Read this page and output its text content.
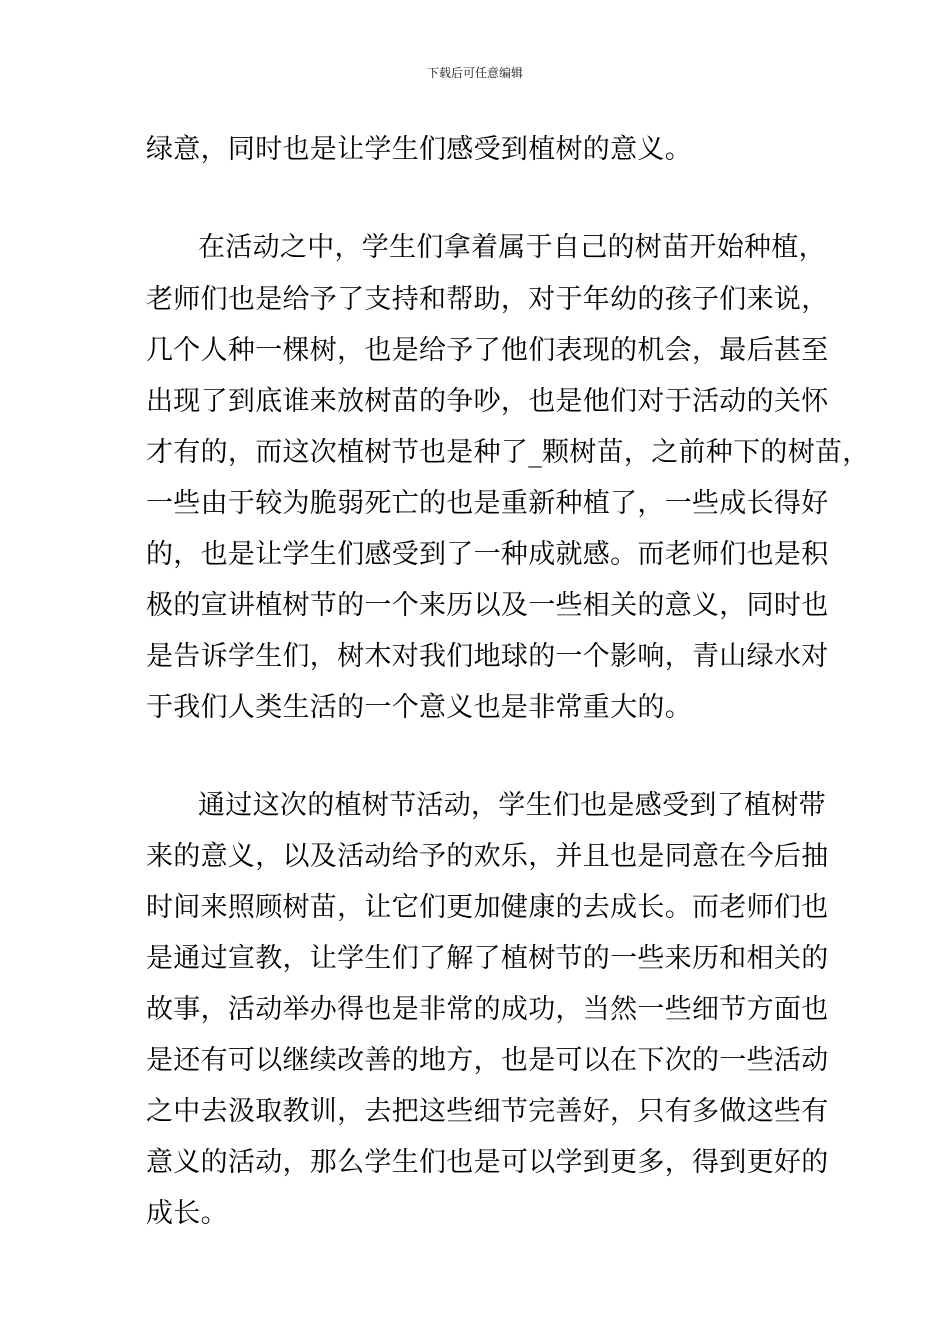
下载后可任意编辑
绿意，同时也是让学生们感受到植树的意义。
在活动之中，学生们拿着属于自己的树苗开始种植，
老师们也是给予了支持和帮助，对于年幼的孩子们来说，
几个人种一棵树，也是给予了他们表现的机会，最后甚至
出现了到底谁来放树苗的争吵，也是他们对于活动的关怀
才有的，而这次植树节也是种了_颗树苗，之前种下的树苗，
一些由于较为脆弱死亡的也是重新种植了，一些成长得好
的，也是让学生们感受到了一种成就感。而老师们也是积
极的宣讲植树节的一个来历以及一些相关的意义，同时也
是告诉学生们，树木对我们地球的一个影响，青山绿水对
于我们人类生活的一个意义也是非常重大的。
通过这次的植树节活动，学生们也是感受到了植树带
来的意义，以及活动给予的欢乐，并且也是同意在今后抽
时间来照顾树苗，让它们更加健康的去成长。而老师们也
是通过宣教，让学生们了解了植树节的一些来历和相关的
故事，活动举办得也是非常的成功，当然一些细节方面也
是还有可以继续改善的地方，也是可以在下次的一些活动
之中去汲取教训，去把这些细节完善好，只有多做这些有
意义的活动，那么学生们也是可以学到更多，得到更好的
成长。
